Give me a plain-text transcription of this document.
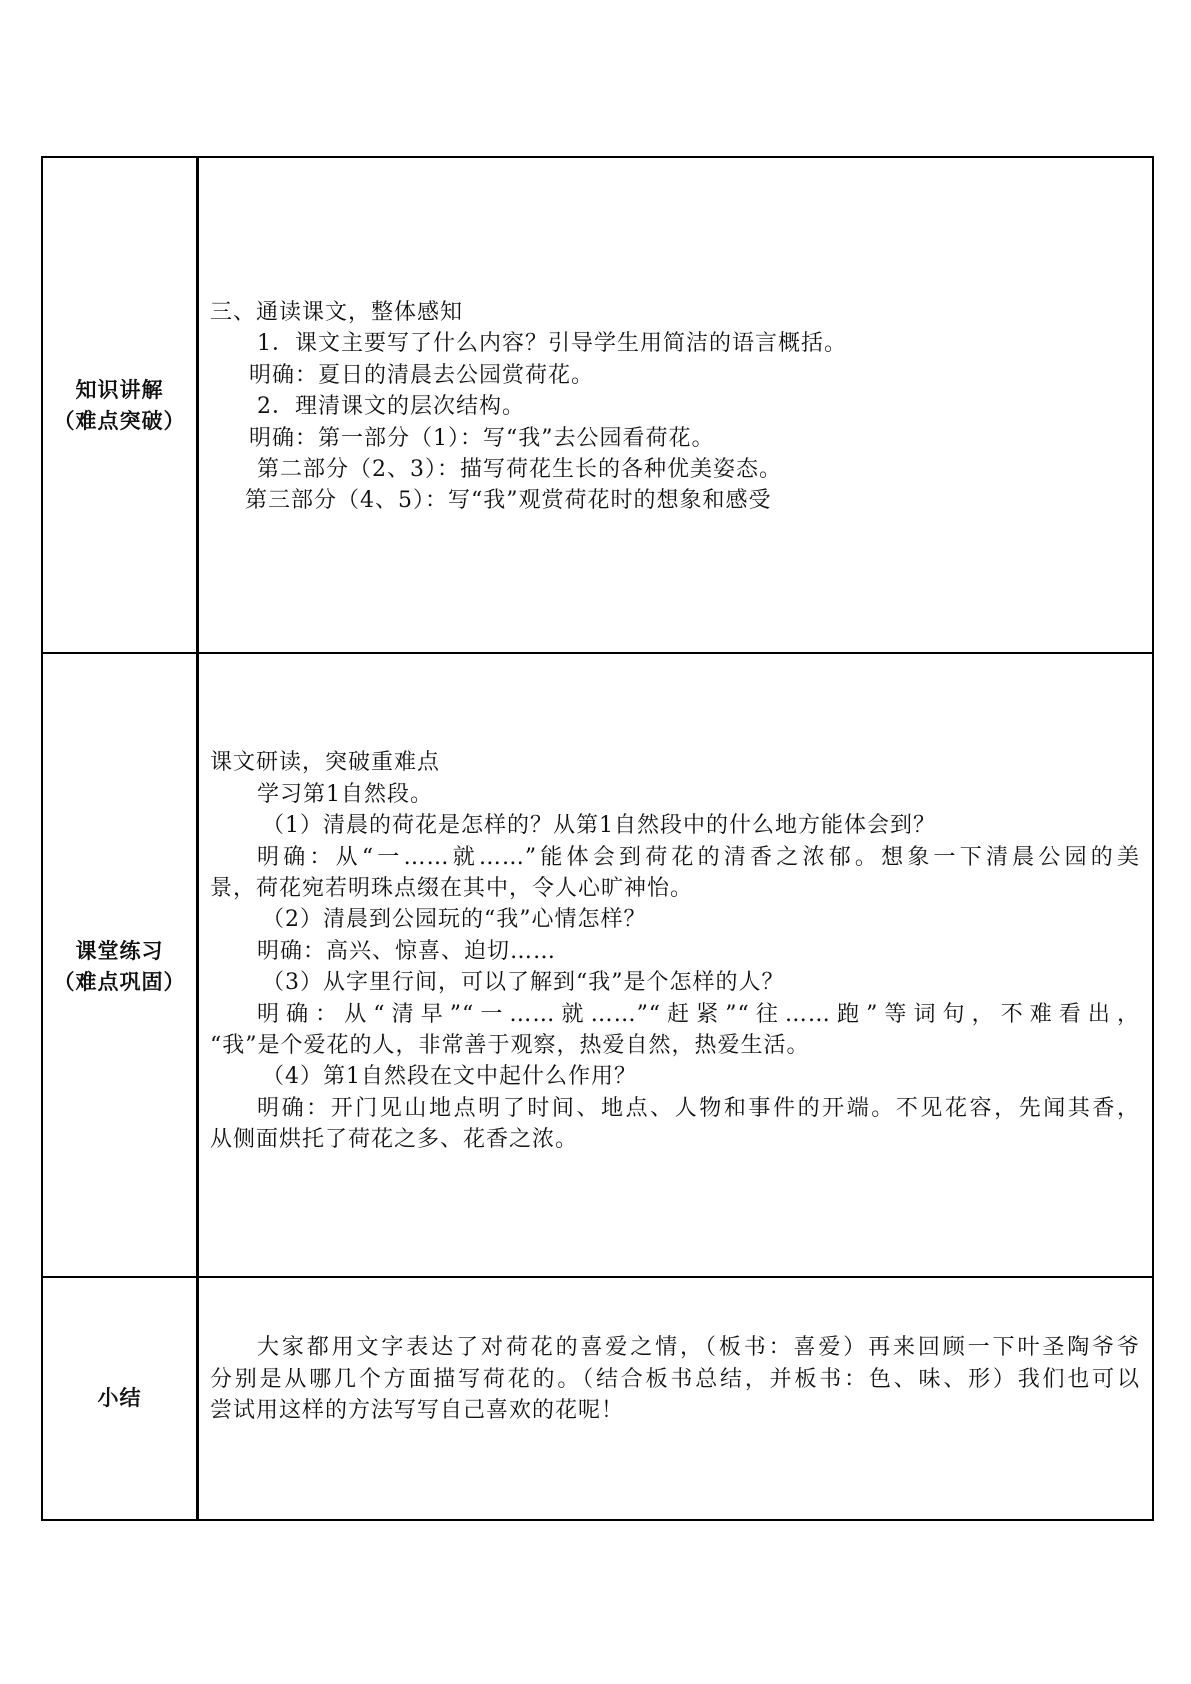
知识讲解
（难点突破）
三、通读课文，整体感知
1．课文主要写了什么内容？引导学生用简洁的语言概括。
明确：夏日的清晨去公园赏荷花。
2．理清课文的层次结构。
明确：第一部分（1）：写“我”去公园看荷花。
第二部分（2、3）：描写荷花生长的各种优美姿态。
第三部分（4、5）：写“我”观赏荷花时的想象和感受
课堂练习
（难点巩固）
课文研读，突破重难点
学习第1自然段。
（1）清晨的荷花是怎样的？从第1自然段中的什么地方能体会到？
明确：从“一……就……”能体会到荷花的清香之浓郁。想象一下清晨公园的美
景，荷花宛若明珠点缀在其中，令人心旷神怡。
（2）清晨到公园玩的“我”心情怎样？
明确：高兴、惊喜、迫切……
（3）从字里行间，可以了解到“我”是个怎样的人？
明确：从“清早”“一……就……”“赶紧”“往……跑”等词句，不难看出，
“我”是个爱花的人，非常善于观察，热爱自然，热爱生活。
（4）第1自然段在文中起什么作用？
明确：开门见山地点明了时间、地点、人物和事件的开端。不见花容，先闻其香，
从侧面烘托了荷花之多、花香之浓。
小结
大家都用文字表达了对荷花的喜爱之情，（板书：喜爱）再来回顾一下叶圣陶爷爷
分别是从哪几个方面描写荷花的。（结合板书总结，并板书：色、味、形）我们也可以
尝试用这样的方法写写自己喜欢的花呢！
